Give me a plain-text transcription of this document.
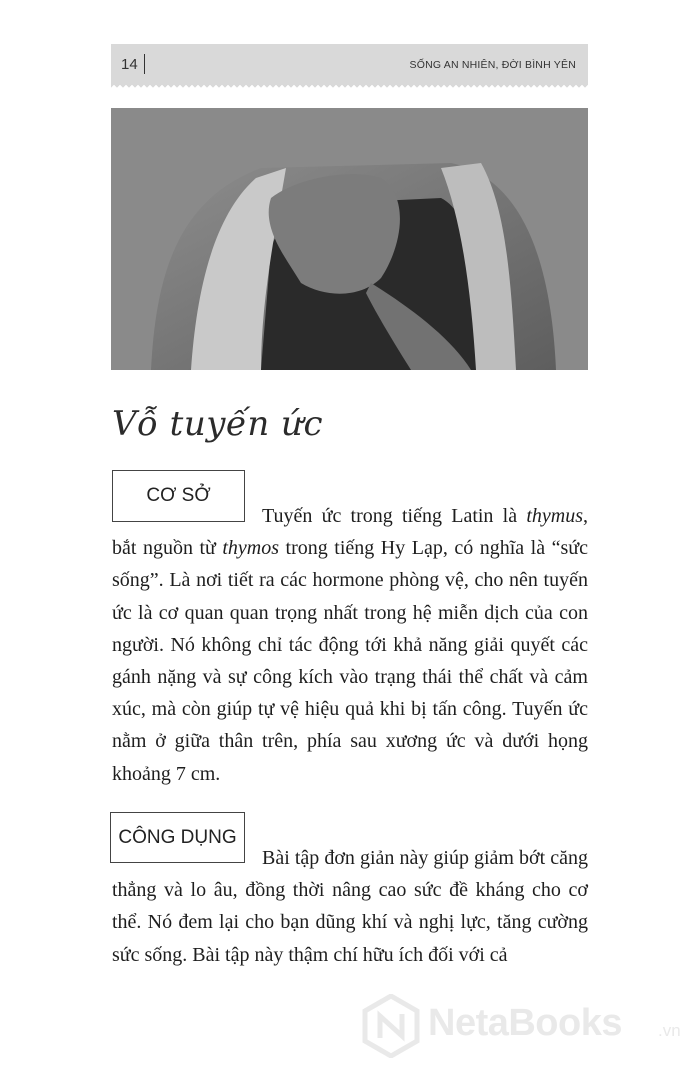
14	SỐNG AN NHIÊN, ĐỜI BÌNH YÊN
Vỗ tuyến ức
CƠ SỞ
Tuyến ức trong tiếng Latin là thymus, bắt nguồn từ thymos trong tiếng Hy Lạp, có nghĩa là “sức sống”. Là nơi tiết ra các hormone phòng vệ, cho nên tuyến ức là cơ quan quan trọng nhất trong hệ miễn dịch của con người. Nó không chỉ tác động tới khả năng giải quyết các gánh nặng và sự công kích vào trạng thái thể chất và cảm xúc, mà còn giúp tự vệ hiệu quả khi bị tấn công. Tuyến ức nằm ở giữa thân trên, phía sau xương ức và dưới họng khoảng 7 cm.
CÔNG DỤNG
Bài tập đơn giản này giúp giảm bớt căng thẳng và lo âu, đồng thời nâng cao sức đề kháng cho cơ thể. Nó đem lại cho bạn dũng khí và nghị lực, tăng cường sức sống. Bài tập này thậm chí hữu ích đối với cả
NetaBooks .vn
